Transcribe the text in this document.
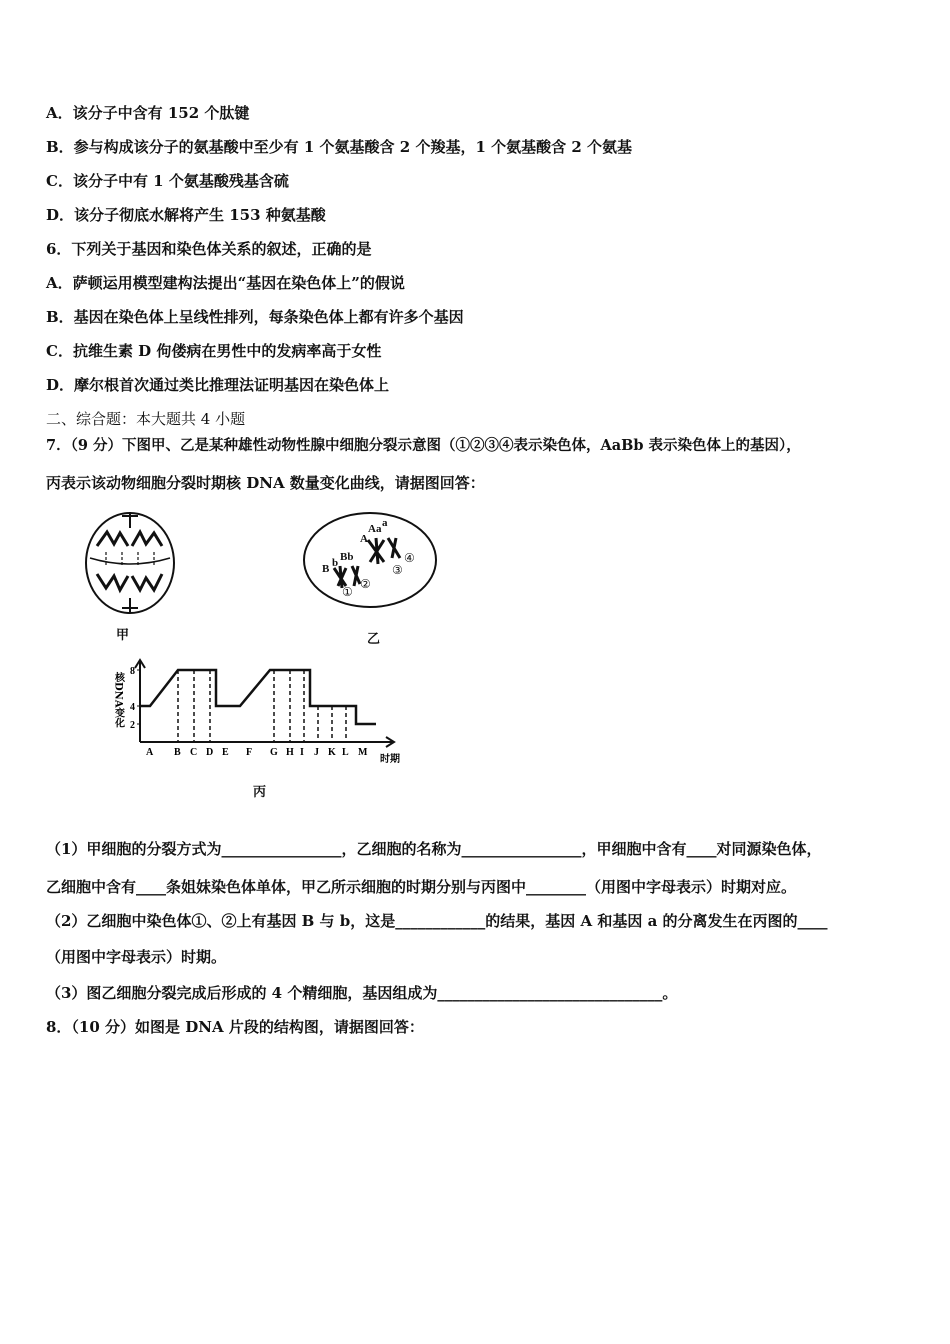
A．该分子中含有 152 个肽键
B．参与构成该分子的氨基酸中至少有 1 个氨基酸含 2 个羧基，1 个氨基酸含 2 个氨基
C．该分子中有 1 个氨基酸残基含硫
D．该分子彻底水解将产生 153 种氨基酸
6．下列关于基因和染色体关系的叙述，正确的是
A．萨顿运用模型建构法提出“基因在染色体上”的假说
B．基因在染色体上呈线性排列，每条染色体上都有许多个基因
C．抗维生素 D 佝偻病在男性中的发病率高于女性
D．摩尔根首次通过类比推理法证明基因在染色体上
二、综合题：本大题共 4 小题
7．（9 分）下图甲、乙是某种雄性动物性腺中细胞分裂示意图（①②③④表示染色体，AaBb 表示染色体上的基因），
丙表示该动物细胞分裂时期核 DNA 数量变化曲线，请据图回答：
甲
B b Bb
A
Aa a
①
②
③
④
乙
核DNA变化
8
4
2
A B C D E F G H I J K L M
时期
丙
（1）甲细胞的分裂方式为________________，乙细胞的名称为________________，甲细胞中含有____对同源染色体，
乙细胞中含有____条姐妹染色体单体，甲乙所示细胞的时期分别与丙图中________（用图中字母表示）时期对应。
（2）乙细胞中染色体①、②上有基因 B 与 b，这是____________的结果，基因 A 和基因 a 的分离发生在丙图的____
（用图中字母表示）时期。
（3）图乙细胞分裂完成后形成的 4 个精细胞，基因组成为______________________________。
8．（10 分）如图是 DNA 片段的结构图，请据图回答：
